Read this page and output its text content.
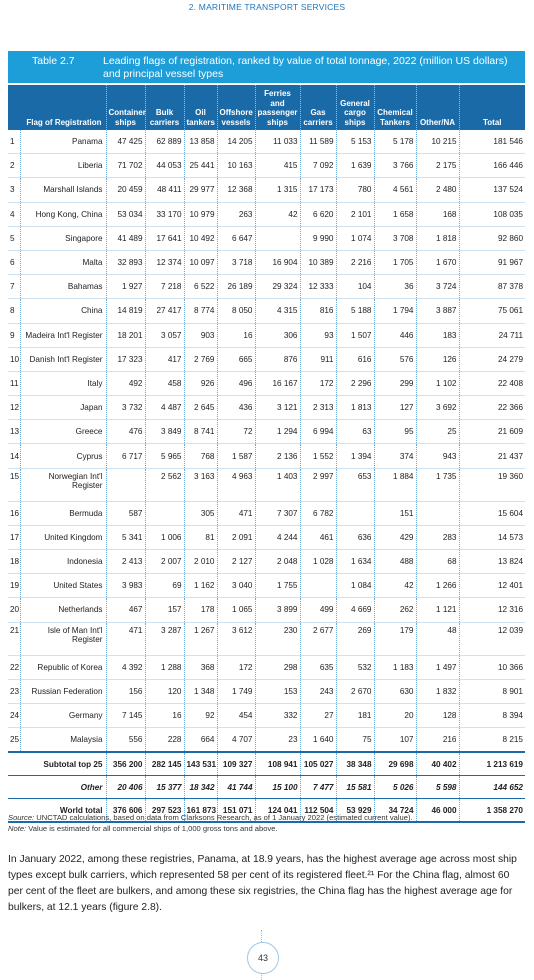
2. MARITIME TRANSPORT SERVICES
Table 2.7	Leading flags of registration, ranked by value of total tonnage, 2022 (million US dollars) and principal vessel types
Flag of Registration		Container ships	Bulk carriers	Oil tankers	Offshore vessels	Ferries and passenger ships	Gas carriers	General cargo ships	Chemical Tankers	Other/NA	Total
1	Panama	47 425	62 889	13 858	14 205	11 033	11 589	5 153	5 178	10 215	181 546
2	Liberia	71 702	44 053	25 441	10 163	415	7 092	1 639	3 766	2 175	166 446
3	Marshall Islands	20 459	48 411	29 977	12 368	1 315	17 173	780	4 561	2 480	137 524
4	Hong Kong, China	53 034	33 170	10 979	263	42	6 620	2 101	1 658	168	108 035
5	Singapore	41 489	17 641	10 492	6 647		9 990	1 074	3 708	1 818	92 860
6	Malta	32 893	12 374	10 097	3 718	16 904	10 389	2 216	1 705	1 670	91 967
7	Bahamas	1 927	7 218	6 522	26 189	29 324	12 333	104	36	3 724	87 378
8	China	14 819	27 417	8 774	8 050	4 315	816	5 188	1 794	3 887	75 061
9	Madeira Int'l Register	18 201	3 057	903	16	306	93	1 507	446	183	24 711
10	Danish Int'l Register	17 323	417	2 769	665	876	911	616	576	126	24 279
11	Italy	492	458	926	496	16 167	172	2 296	299	1 102	22 408
12	Japan	3 732	4 487	2 645	436	3 121	2 313	1 813	127	3 692	22 366
13	Greece	476	3 849	8 741	72	1 294	6 994	63	95	25	21 609
14	Cyprus	6 717	5 965	768	1 587	2 136	1 552	1 394	374	943	21 437
15	Norwegian Int'l Register		2 562	3 163	4 963	1 403	2 997	653	1 884	1 735	19 360
16	Bermuda	587		305	471	7 307	6 782		151		15 604
17	United Kingdom	5 341	1 006	81	2 091	4 244	461	636	429	283	14 573
18	Indonesia	2 413	2 007	2 010	2 127	2 048	1 028	1 634	488	68	13 824
19	United States	3 983	69	1 162	3 040	1 755		1 084	42	1 266	12 401
20	Netherlands	467	157	178	1 065	3 899	499	4 669	262	1 121	12 316
21	Isle of Man Int'l Register	471	3 287	1 267	3 612	230	2 677	269	179	48	12 039
22	Republic of Korea	4 392	1 288	368	172	298	635	532	1 183	1 497	10 366
23	Russian Federation	156	120	1 348	1 749	153	243	2 670	630	1 832	8 901
24	Germany	7 145	16	92	454	332	27	181	20	128	8 394
25	Malaysia	556	228	664	4 707	23	1 640	75	107	216	8 215
Subtotal top 25		356 200	282 145	143 531	109 327	108 941	105 027	38 348	29 698	40 402	1 213 619
Other		20 406	15 377	18 342	41 744	15 100	7 477	15 581	5 026	5 598	144 652
World total		376 606	297 523	161 873	151 071	124 041	112 504	53 929	34 724	46 000	1 358 270
Source: UNCTAD calculations, based on data from Clarksons Research, as of 1 January 2022 (estimated current value).
Note: Value is estimated for all commercial ships of 1,000 gross tons and above.
In January 2022, among these registries, Panama, at 18.9 years, has the highest average age across most ship types except bulk carriers, which represented 58 per cent of its registered fleet.²¹ For the China flag, almost 60 per cent of the fleet are bulkers, and among these six registries, the China flag has the highest average age for bulkers, at 12.1 years (figure 2.8).
43
